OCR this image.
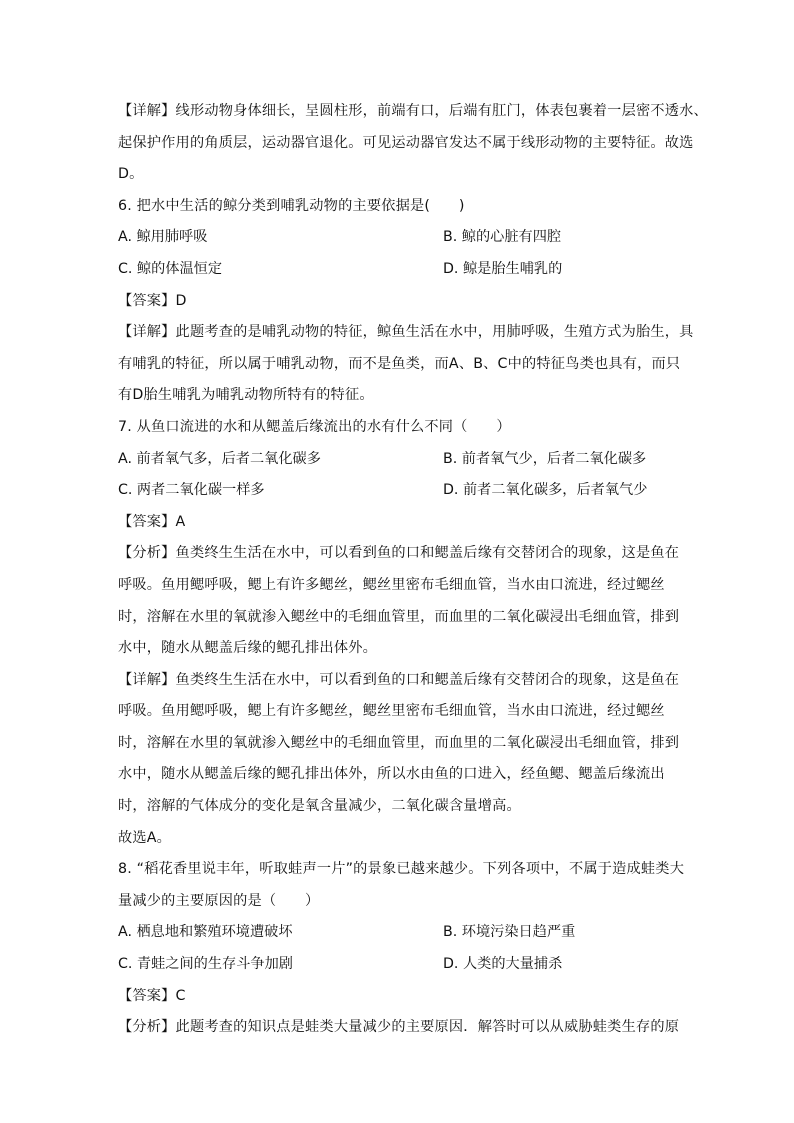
【详解】线形动物身体细长，呈圆柱形，前端有口，后端有肛门，体表包裹着一层密不透水、
起保护作用的角质层，运动器官退化。可见运动器官发达不属于线形动物的主要特征。故选
D。
6. 把水中生活的鲸分类到哺乳动物的主要依据是(　　)
A. 鲸用肺呼吸	B. 鲸的心脏有四腔
C. 鲸的体温恒定	D. 鲸是胎生哺乳的
【答案】D
【详解】此题考查的是哺乳动物的特征，鲸鱼生活在水中，用肺呼吸，生殖方式为胎生，具
有哺乳的特征，所以属于哺乳动物，而不是鱼类，而A、B、C中的特征鸟类也具有，而只
有D胎生哺乳为哺乳动物所特有的特征。
7. 从鱼口流进的水和从鳃盖后缘流出的水有什么不同（　　）
A. 前者氧气多，后者二氧化碳多	B. 前者氧气少，后者二氧化碳多
C. 两者二氧化碳一样多	D. 前者二氧化碳多，后者氧气少
【答案】A
【分析】鱼类终生生活在水中，可以看到鱼的口和鳃盖后缘有交替闭合的现象，这是鱼在
呼吸。鱼用鳃呼吸，鳃上有许多鳃丝，鳃丝里密布毛细血管，当水由口流进，经过鳃丝
时，溶解在水里的氧就渗入鳃丝中的毛细血管里，而血里的二氧化碳浸出毛细血管，排到
水中，随水从鳃盖后缘的鳃孔排出体外。
【详解】鱼类终生生活在水中，可以看到鱼的口和鳃盖后缘有交替闭合的现象，这是鱼在
呼吸。鱼用鳃呼吸，鳃上有许多鳃丝，鳃丝里密布毛细血管，当水由口流进，经过鳃丝
时，溶解在水里的氧就渗入鳃丝中的毛细血管里，而血里的二氧化碳浸出毛细血管，排到
水中，随水从鳃盖后缘的鳃孔排出体外，所以水由鱼的口进入，经鱼鳃、鳃盖后缘流出
时，溶解的气体成分的变化是氧含量减少，二氧化碳含量增高。
故选A。
8. “稻花香里说丰年，听取蛙声一片”的景象已越来越少。下列各项中，不属于造成蛙类大
量减少的主要原因的是（　　）
A. 栖息地和繁殖环境遭破坏	B. 环境污染日趋严重
C. 青蛙之间的生存斗争加剧	D. 人类的大量捕杀
【答案】C
【分析】此题考查的知识点是蛙类大量减少的主要原因．解答时可以从威胁蛙类生存的原
